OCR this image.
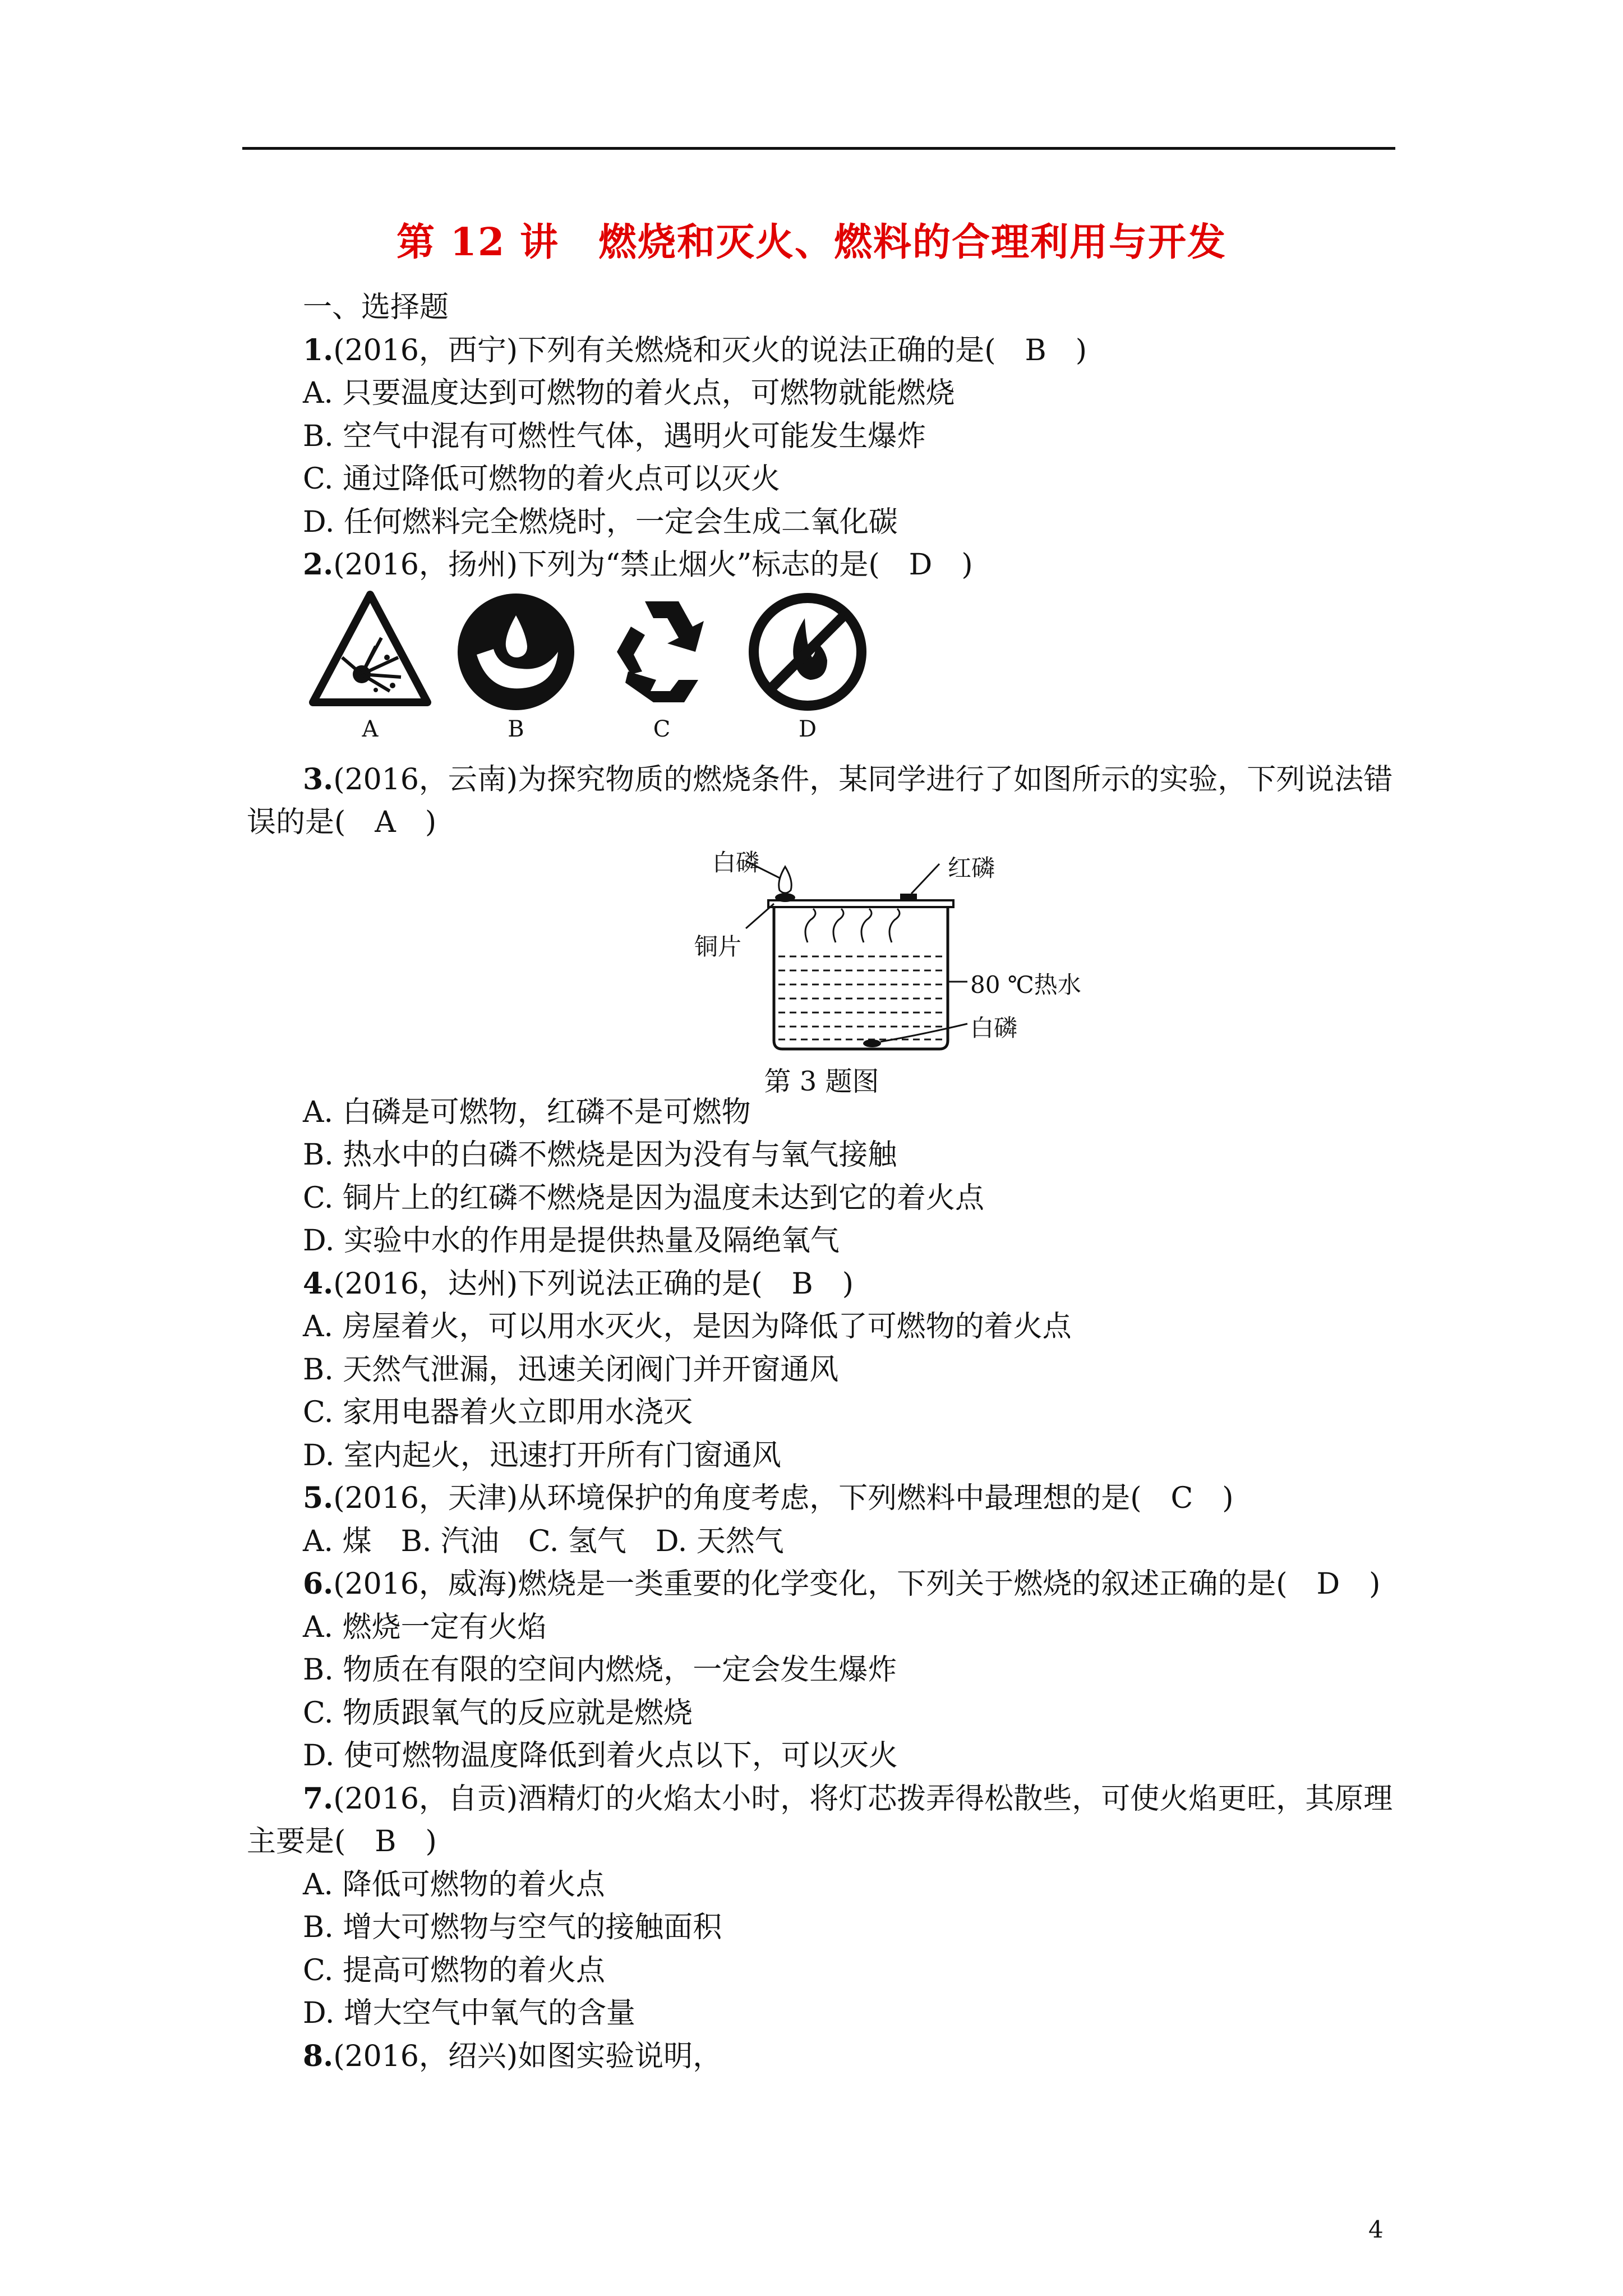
第 12 讲　燃烧和灭火、燃料的合理利用与开发
一、选择题
1.(2016，西宁)下列有关燃烧和灭火的说法正确的是(　B　)
A. 只要温度达到可燃物的着火点，可燃物就能燃烧
B. 空气中混有可燃性气体，遇明火可能发生爆炸
C. 通过降低可燃物的着火点可以灭火
D. 任何燃料完全燃烧时，一定会生成二氧化碳
2.(2016，扬州)下列为“禁止烟火”标志的是(　D　)
A	B	C	D
3.(2016，云南)为探究物质的燃烧条件，某同学进行了如图所示的实验，下列说法错
误的是(　A　)
白磷	红磷
铜片
80 ℃热水
白磷
第 3 题图
A. 白磷是可燃物，红磷不是可燃物
B. 热水中的白磷不燃烧是因为没有与氧气接触
C. 铜片上的红磷不燃烧是因为温度未达到它的着火点
D. 实验中水的作用是提供热量及隔绝氧气
4.(2016，达州)下列说法正确的是(　B　)
A. 房屋着火，可以用水灭火，是因为降低了可燃物的着火点
B. 天然气泄漏，迅速关闭阀门并开窗通风
C. 家用电器着火立即用水浇灭
D. 室内起火，迅速打开所有门窗通风
5.(2016，天津)从环境保护的角度考虑，下列燃料中最理想的是(　C　)
A. 煤　B. 汽油　C. 氢气　D. 天然气
6.(2016，威海)燃烧是一类重要的化学变化，下列关于燃烧的叙述正确的是(　D　)
A. 燃烧一定有火焰
B. 物质在有限的空间内燃烧，一定会发生爆炸
C. 物质跟氧气的反应就是燃烧
D. 使可燃物温度降低到着火点以下，可以灭火
7.(2016，自贡)酒精灯的火焰太小时，将灯芯拨弄得松散些，可使火焰更旺，其原理
主要是(　B　)
A. 降低可燃物的着火点
B. 增大可燃物与空气的接触面积
C. 提高可燃物的着火点
D. 增大空气中氧气的含量
8.(2016，绍兴)如图实验说明，
4
